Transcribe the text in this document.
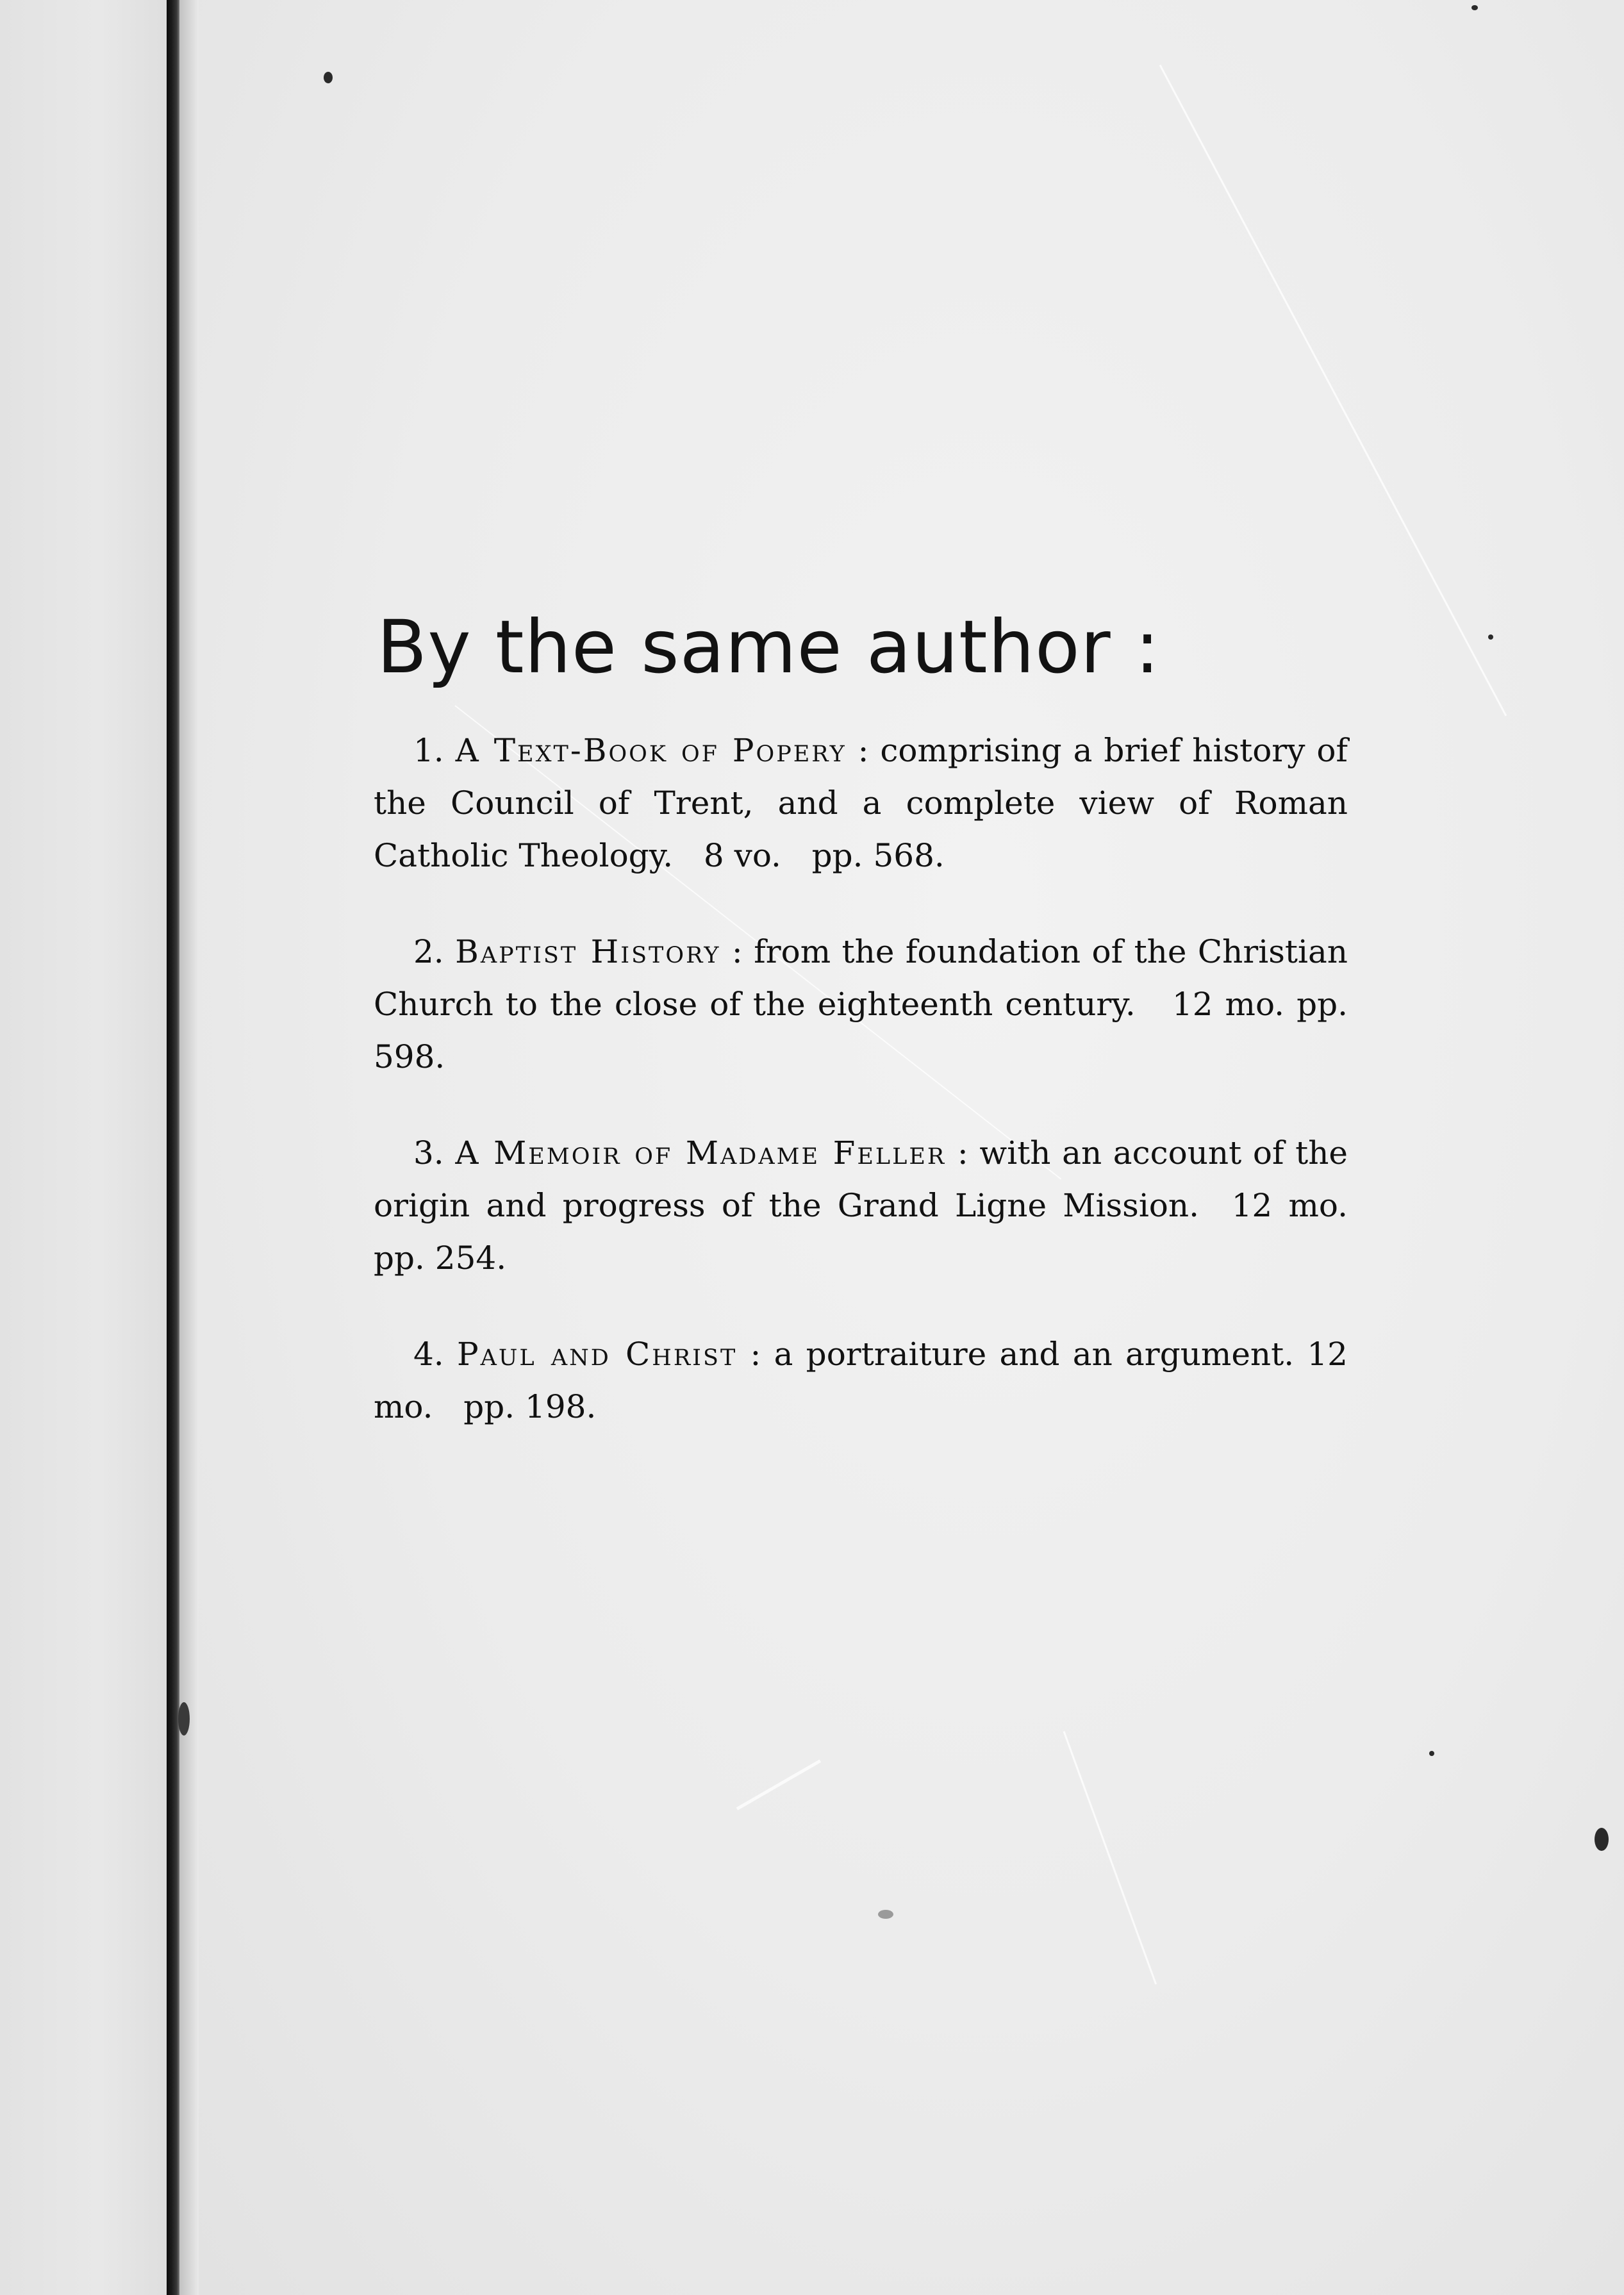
By the same author :

1. A Text-Book of Popery : comprising a brief history of the Council of Trent, and a complete view of Roman Catholic Theology. 8 vo. pp. 568.

2. Baptist History : from the foundation of the Christian Church to the close of the eighteenth century. 12 mo. pp. 598.

3. A Memoir of Madame Feller : with an account of the origin and progress of the Grand Ligne Mission. 12 mo. pp. 254.

4. Paul and Christ : a portraiture and an argument. 12 mo. pp. 198.
